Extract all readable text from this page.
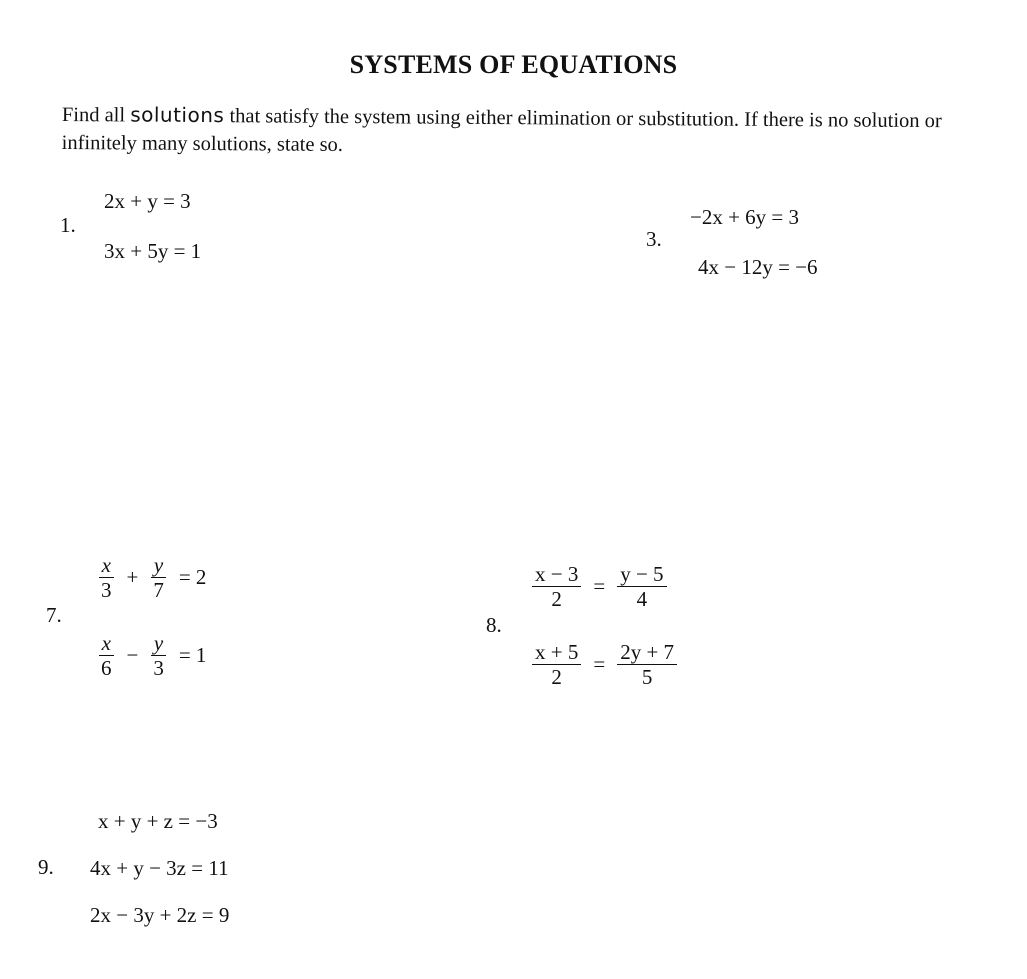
SYSTEMS OF EQUATIONS
Find all solutions that satisfy the system using either elimination or substitution. If there is no solution or infinitely many solutions, state so.
1.
2x + y = 3
3x + 5y = 1	3.
−2x + 6y = 3
4x − 12y = −6
7.
$\frac{x}{3} + \frac{y}{7} = 2$
$\frac{x}{6} - \frac{y}{3} = 1$
8.
$\frac{x - 3}{2} = \frac{y - 5}{4}$
$\frac{x + 5}{2} = \frac{2y + 7}{5}$
9.
x + y + z = −3
4x + y − 3z = 11
2x − 3y + 2z = 9
